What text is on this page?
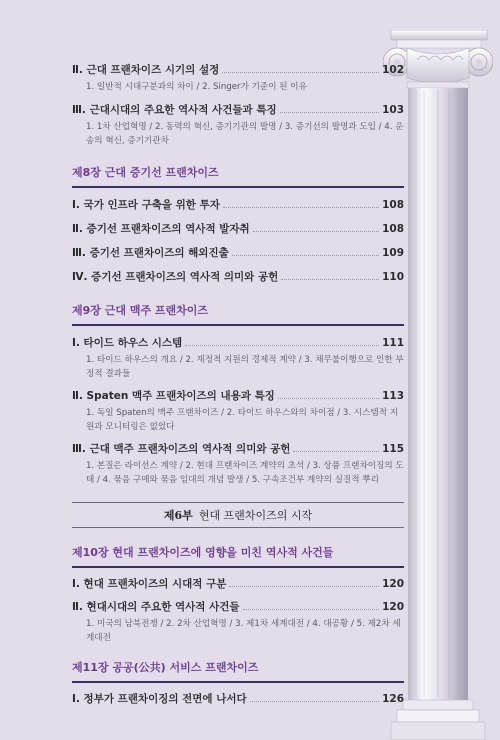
Ⅱ. 근대 프랜차이즈 시기의 설정	102
1. 일반적 시대구분과의 차이 / 2. Singer가 기준이 된 이유
Ⅲ. 근대시대의 주요한 역사적 사건들과 특징	103
1. 1차 산업혁명 / 2. 동력의 혁신, 증기기관의 발명 / 3. 증기선의 발명과 도입 / 4. 운송의 혁신, 증기기관차
제8장 근대 증기선 프랜차이즈
Ⅰ. 국가 인프라 구축을 위한 투자	108
Ⅱ. 증기선 프랜차이즈의 역사적 발자취	108
Ⅲ. 증기선 프랜차이즈의 해외진출	109
Ⅳ. 증기선 프랜차이즈의 역사적 의미와 공헌	110
제9장 근대 맥주 프랜차이즈
Ⅰ. 타이드 하우스 시스템	111
1. 타이드 하우스의 개요 / 2. 재정적 지원의 경제적 계약 / 3. 채무불이행으로 인한 부정적 결과들
Ⅱ. Spaten 맥주 프랜차이즈의 내용과 특징	113
1. 독일 Spaten의 맥주 프랜차이즈 / 2. 타이드 하우스와의 차이점 / 3. 시스템적 지원과 모니터링은 없었다
Ⅲ. 근대 맥주 프랜차이즈의 역사적 의미와 공헌	115
1. 본질은 라이선스 계약 / 2. 현대 프랜차이즈 계약의 초석 / 3. 상품 프랜차이징의 도태 / 4. 묶음 구매와 묶음 임대의 개념 발생 / 5. 구속조건부 계약의 실질적 뿌리
제6부 현대 프랜차이즈의 시작
제10장 현대 프랜차이즈에 영향을 미친 역사적 사건들
Ⅰ. 현대 프랜차이즈의 시대적 구분	120
Ⅱ. 현대시대의 주요한 역사적 사건들	120
1. 미국의 남북전쟁 / 2. 2차 산업혁명 / 3. 제1차 세계대전 / 4. 대공황 / 5. 제2차 세계대전
제11장 공공(公共) 서비스 프랜차이즈
Ⅰ. 정부가 프랜차이징의 전면에 나서다	126
